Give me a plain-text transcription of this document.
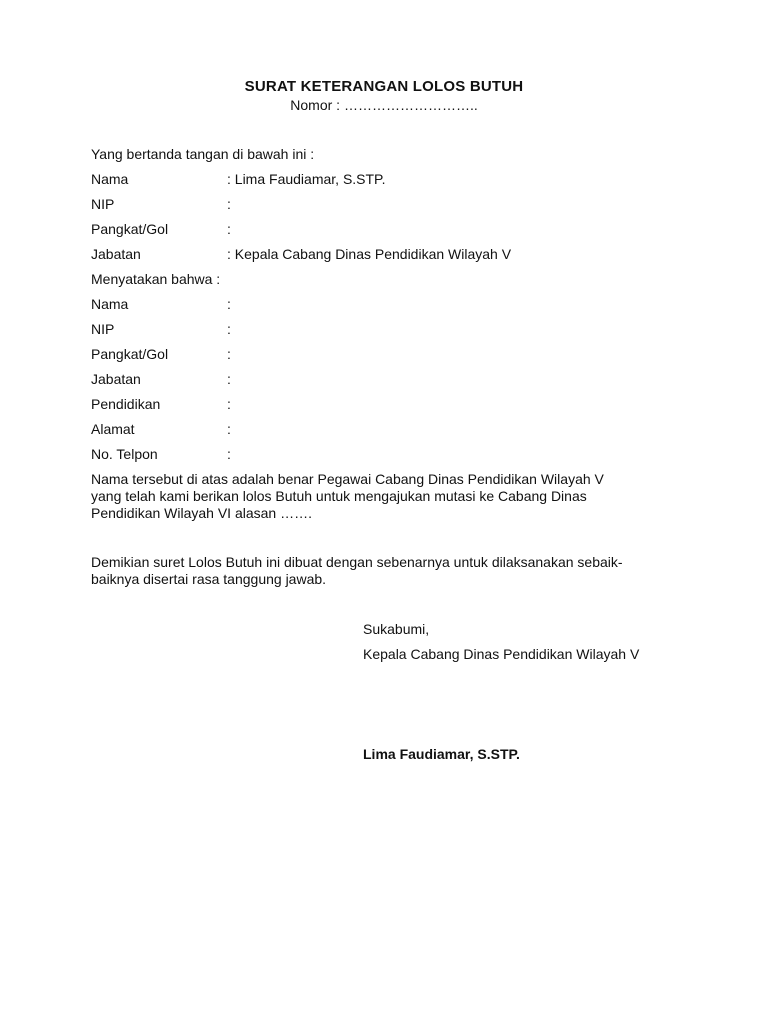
SURAT KETERANGAN LOLOS BUTUH
Nomor : ………………………..
Yang bertanda tangan di bawah ini :
Nama	: Lima Faudiamar, S.STP.
NIP	:
Pangkat/Gol	:
Jabatan	: Kepala Cabang Dinas Pendidikan Wilayah V
Menyatakan bahwa :
Nama	:
NIP	:
Pangkat/Gol	:
Jabatan	:
Pendidikan	:
Alamat	:
No. Telpon	:
Nama tersebut di atas adalah benar Pegawai Cabang Dinas Pendidikan Wilayah V
yang telah kami berikan lolos Butuh untuk mengajukan mutasi ke Cabang Dinas
Pendidikan Wilayah VI alasan …….
Demikian suret Lolos Butuh ini dibuat dengan sebenarnya untuk dilaksanakan sebaik-
baiknya disertai rasa tanggung jawab.
Sukabumi,
Kepala Cabang Dinas Pendidikan Wilayah V
Lima Faudiamar, S.STP.
